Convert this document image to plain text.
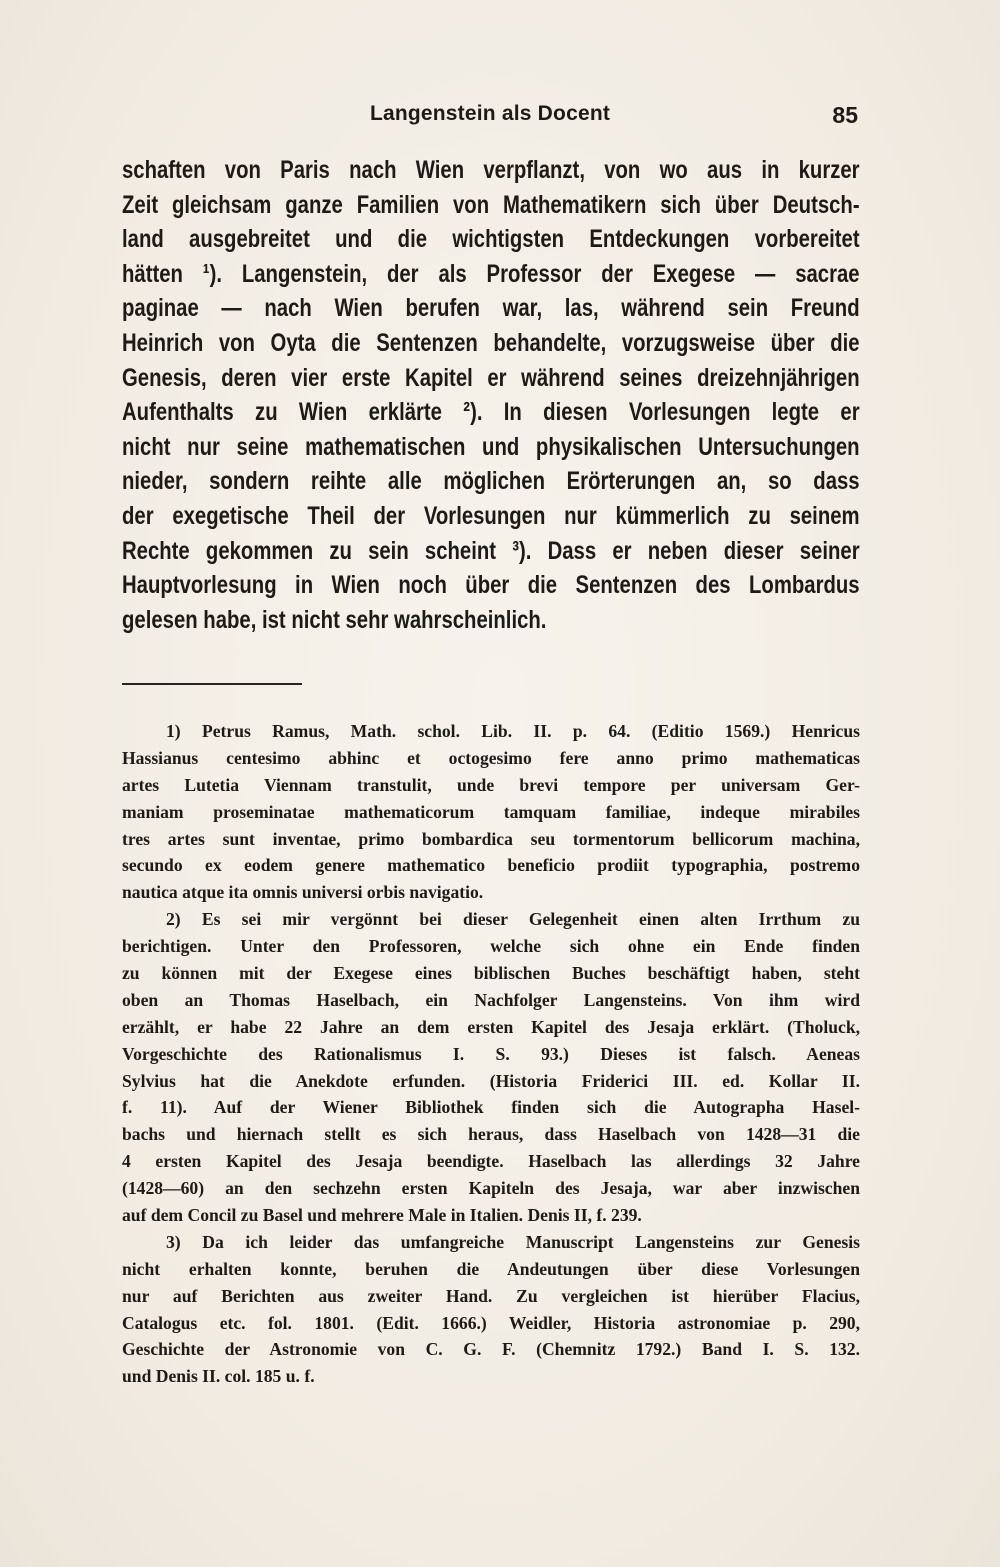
Langenstein als Docent	85
schaften von Paris nach Wien verpflanzt, von wo aus in kurzer
Zeit gleichsam ganze Familien von Mathematikern sich über Deutsch-
land ausgebreitet und die wichtigsten Entdeckungen vorbereitet
hätten ¹). Langenstein, der als Professor der Exegese — sacrae
paginae — nach Wien berufen war, las, während sein Freund
Heinrich von Oyta die Sentenzen behandelte, vorzugsweise über die
Genesis, deren vier erste Kapitel er während seines dreizehnjährigen
Aufenthalts zu Wien erklärte ²). In diesen Vorlesungen legte er
nicht nur seine mathematischen und physikalischen Untersuchungen
nieder, sondern reihte alle möglichen Erörterungen an, so dass
der exegetische Theil der Vorlesungen nur kümmerlich zu seinem
Rechte gekommen zu sein scheint ³). Dass er neben dieser seiner
Hauptvorlesung in Wien noch über die Sentenzen des Lombardus
gelesen habe, ist nicht sehr wahrscheinlich.
1) Petrus Ramus, Math. schol. Lib. II. p. 64. (Editio 1569.) Henricus
Hassianus centesimo abhinc et octogesimo fere anno primo mathematicas
artes Lutetia Viennam transtulit, unde brevi tempore per universam Ger-
maniam proseminatae mathematicorum tamquam familiae, indeque mirabiles
tres artes sunt inventae, primo bombardica seu tormentorum bellicorum machina,
secundo ex eodem genere mathematico beneficio prodiit typographia, postremo
nautica atque ita omnis universi orbis navigatio.
2) Es sei mir vergönnt bei dieser Gelegenheit einen alten Irrthum zu
berichtigen. Unter den Professoren, welche sich ohne ein Ende finden
zu können mit der Exegese eines biblischen Buches beschäftigt haben, steht
oben an Thomas Haselbach, ein Nachfolger Langensteins. Von ihm wird
erzählt, er habe 22 Jahre an dem ersten Kapitel des Jesaja erklärt. (Tholuck,
Vorgeschichte des Rationalismus I. S. 93.) Dieses ist falsch. Aeneas
Sylvius hat die Anekdote erfunden. (Historia Friderici III. ed. Kollar II.
f. 11). Auf der Wiener Bibliothek finden sich die Autographa Hasel-
bachs und hiernach stellt es sich heraus, dass Haselbach von 1428—31 die
4 ersten Kapitel des Jesaja beendigte. Haselbach las allerdings 32 Jahre
(1428—60) an den sechzehn ersten Kapiteln des Jesaja, war aber inzwischen
auf dem Concil zu Basel und mehrere Male in Italien. Denis II, f. 239.
3) Da ich leider das umfangreiche Manuscript Langensteins zur Genesis
nicht erhalten konnte, beruhen die Andeutungen über diese Vorlesungen
nur auf Berichten aus zweiter Hand. Zu vergleichen ist hierüber Flacius,
Catalogus etc. fol. 1801. (Edit. 1666.) Weidler, Historia astronomiae p. 290,
Geschichte der Astronomie von C. G. F. (Chemnitz 1792.) Band I. S. 132.
und Denis II. col. 185 u. f.
